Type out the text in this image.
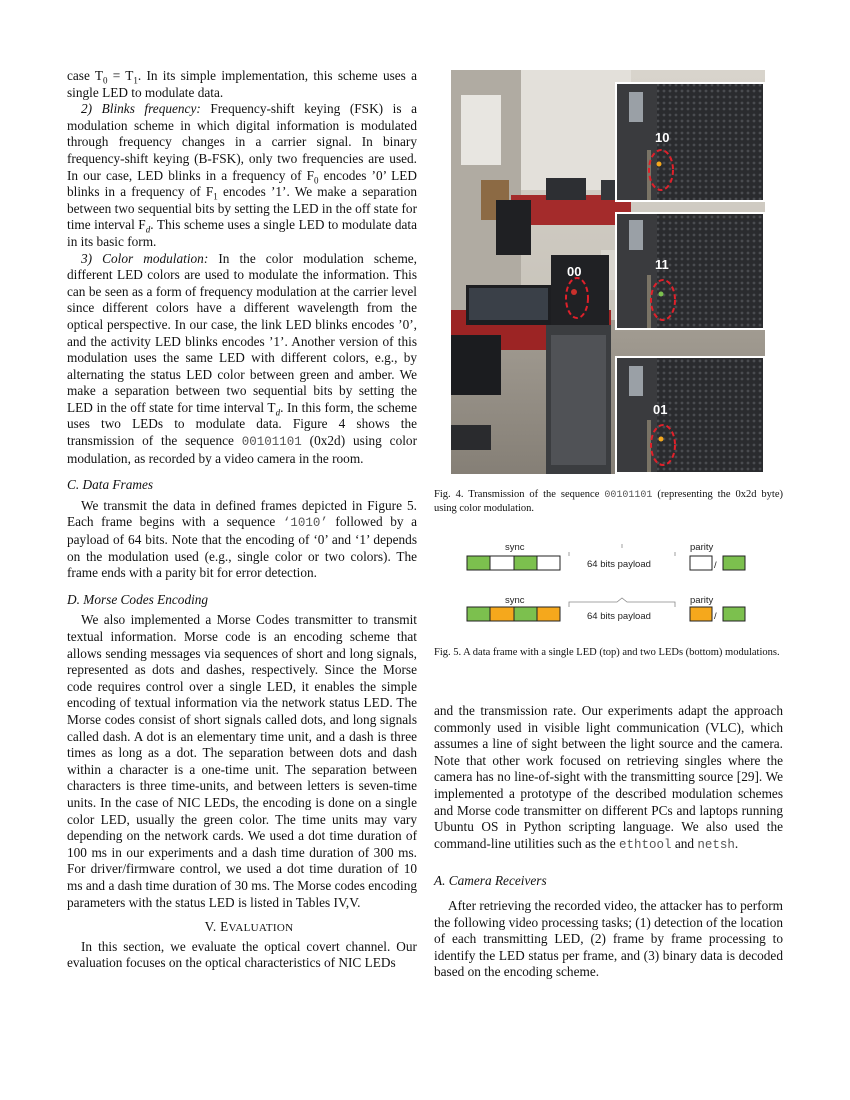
case $T_0 = T_1$. In its simple implementation, this scheme uses a single LED to modulate data.

2) Blinks frequency: Frequency-shift keying (FSK) is a modulation scheme in which digital information is modulated through frequency changes in a carrier signal. In binary frequency-shift keying (B-FSK), only two frequencies are used. In our case, LED blinks in a frequency of $F_0$ encodes ’0’ LED blinks in a frequency of $F_1$ encodes ’1’. We make a separation between two sequential bits by setting the LED in the off state for time interval $F_d$. This scheme uses a single LED to modulate data in its basic form.

3) Color modulation: In the color modulation scheme, different LED colors are used to modulate the information. This can be seen as a form of frequency modulation at the carrier level since different colors have a different wavelength from the optical perspective. In our case, the link LED blinks encodes ’0’, and the activity LED blinks encodes ’1’. Another version of this modulation uses the same LED with different colors, e.g., by alternating the status LED color between green and amber. We make a separation between two sequential bits by setting the LED in the off state for time interval $T_d$. In this form, the scheme uses two LEDs to modulate data. Figure 4 shows the transmission of the sequence 00101101 (0x2d) using color modulation, as recorded by a video camera in the room.

C. Data Frames

We transmit the data in defined frames depicted in Figure 5. Each frame begins with a sequence ‘1010’ followed by a payload of 64 bits. Note that the encoding of ‘0’ and ‘1’ depends on the modulation used (e.g., single color or two colors). The frame ends with a parity bit for error detection.

D. Morse Codes Encoding

We also implemented a Morse Codes transmitter to transmit textual information. Morse code is an encoding scheme that allows sending messages via sequences of short and long signals, represented as dots and dashes, respectively. Since the Morse code requires control over a single LED, it enables the simple encoding of textual information via the network status LED. The Morse codes consist of short signals called dots, and long signals called dash. A dot is an elementary time unit, and a dash is three times as long as a dot. The separation between dots and dash within a character is a one-time unit. The separation between characters is three time-units, and between letters is seven-time units. In the case of NIC LEDs, the encoding is done on a single color LED, usually the green color. The time units may vary depending on the network cards. We used a dot time duration of 100 ms in our experiments and a dash time duration of 300 ms. For driver/firmware control, we used a dot time duration of 10 ms and a dash time duration of 30 ms. The Morse codes encoding parameters with the status LED is listed in Tables IV,V.

V. EVALUATION

In this section, we evaluate the optical covert channel. Our evaluation focuses on the optical characteristics of NIC LEDs

00
10
11
01
Fig. 4. Transmission of the sequence 00101101 (representing the 0x2d byte) using color modulation.
sync
64 bits payload
parity
/
sync
64 bits payload
parity
/
Fig. 5. A data frame with a single LED (top) and two LEDs (bottom) modulations.

and the transmission rate. Our experiments adapt the approach commonly used in visible light communication (VLC), which assumes a line of sight between the light source and the camera. Note that other work focused on retrieving singles where the camera has no line-of-sight with the transmitting source [29]. We implemented a prototype of the described modulation schemes and Morse code transmitter on different PCs and laptops running Ubuntu OS in Python scripting language. We also used the command-line utilities such as the ethtool and netsh.

A. Camera Receivers

After retrieving the recorded video, the attacker has to perform the following video processing tasks; (1) detection of the location of each transmitting LED, (2) frame by frame processing to identify the LED status per frame, and (3) binary data is decoded based on the encoding scheme.
